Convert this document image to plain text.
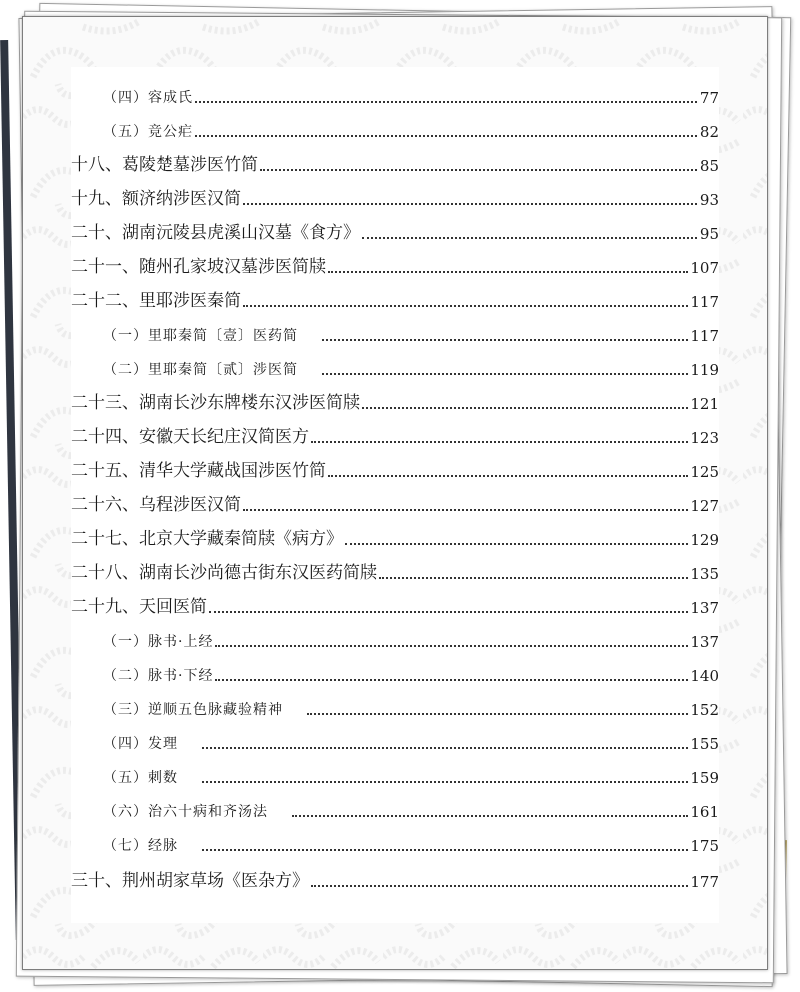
（四）容成氏	77
（五）竞公疟	82
十八、葛陵楚墓涉医竹简	85
十九、额济纳涉医汉简	93
二十、湖南沅陵县虎溪山汉墓《食方》	95
二十一、随州孔家坡汉墓涉医简牍	107
二十二、里耶涉医秦简	117
（一）里耶秦简〔壹〕医药简	117
（二）里耶秦简〔贰〕涉医简	119
二十三、湖南长沙东牌楼东汉涉医简牍	121
二十四、安徽天长纪庄汉简医方	123
二十五、清华大学藏战国涉医竹简	125
二十六、乌程涉医汉简	127
二十七、北京大学藏秦简牍《病方》	129
二十八、湖南长沙尚德古街东汉医药简牍	135
二十九、天回医简	137
（一）脉书·上经	137
（二）脉书·下经	140
（三）逆顺五色脉藏验精神	152
（四）发理	155
（五）刺数	159
（六）治六十病和齐汤法	161
（七）经脉	175
三十、荆州胡家草场《医杂方》	177
